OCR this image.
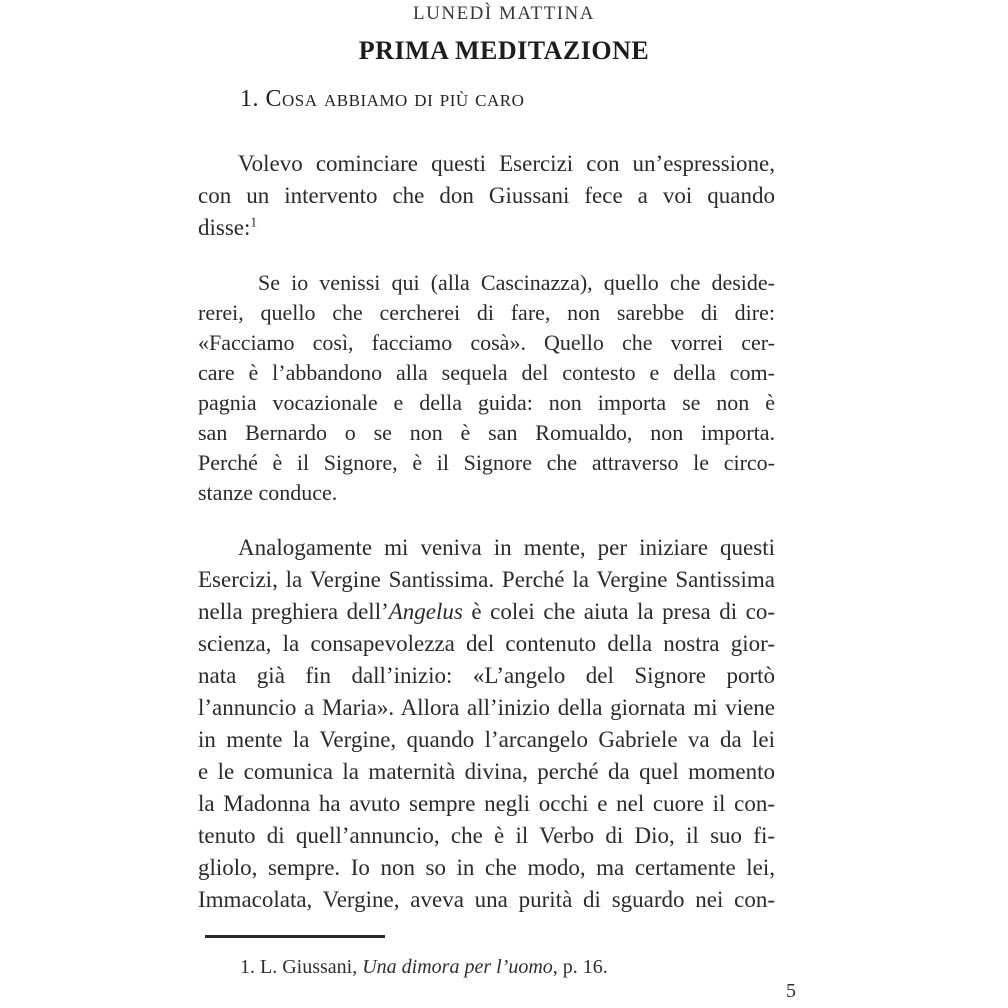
LUNEDÌ MATTINA
PRIMA MEDITAZIONE
1. Cosa abbiamo di più caro
Volevo cominciare questi Esercizi con un’espressione,
con un intervento che don Giussani fece a voi quando
disse:$^1$
Se io venissi qui (alla Cascinazza), quello che deside-
rerei, quello che cercherei di fare, non sarebbe di dire:
«Facciamo così, facciamo cosà». Quello che vorrei cer-
care è l’abbandono alla sequela del contesto e della com-
pagnia vocazionale e della guida: non importa se non è
san Bernardo o se non è san Romualdo, non importa.
Perché è il Signore, è il Signore che attraverso le circo-
stanze conduce.
Analogamente mi veniva in mente, per iniziare questi
Esercizi, la Vergine Santissima. Perché la Vergine Santissima
nella preghiera dell’Angelus è colei che aiuta la presa di co-
scienza, la consapevolezza del contenuto della nostra gior-
nata già fin dall’inizio: «L’angelo del Signore portò
l’annuncio a Maria». Allora all’inizio della giornata mi viene
in mente la Vergine, quando l’arcangelo Gabriele va da lei
e le comunica la maternità divina, perché da quel momento
la Madonna ha avuto sempre negli occhi e nel cuore il con-
tenuto di quell’annuncio, che è il Verbo di Dio, il suo fi-
gliolo, sempre. Io non so in che modo, ma certamente lei,
Immacolata, Vergine, aveva una purità di sguardo nei con-
1. L. Giussani, Una dimora per l’uomo, p. 16.
5
